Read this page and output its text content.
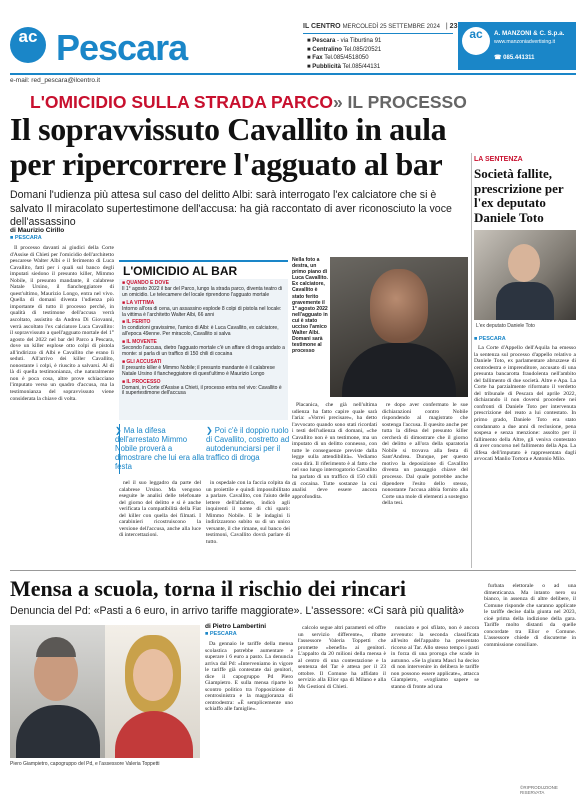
ac Pescara
IL CENTRO MERCOLEDÌ 25 SETTEMBRE 2024 | 23
■ Pescara - via Tiburtina 91
■ Centralino Tel.085/20521
■ Fax Tel.085/4518050
■ Pubblicità Tel.085/44131
ac	A. MANZONI & C. S.p.a.
www.manzoniadvertising.it
☎ 085.441311
e-mail: red_pescara@ilcentro.it
L'OMICIDIO SULLA STRADA PARCO» IL PROCESSO
Il sopravvissuto Cavallito in aula per ripercorrere l'agguato al bar
Domani l'udienza più attesa sul caso del delitto Albi: sarà interrogato l'ex calciatore che si è salvato Il miracolato supertestimone dell'accusa: ha già raccontato di aver riconosciuto la voce dell'assassino
LA SENTENZA
Società fallite, prescrizione per l'ex deputato Daniele Toto
L'ex deputato Daniele Toto
■ PESCARA

La Corte d'Appello dell'Aquila ha emesso la sentenza sul processo d'appello relativo a Daniele Toto, ex parlamentare abruzzese di centrodestra e imprenditore, accusato di una presunta bancarotta fraudolenta nell'ambito del fallimento di due società. Altre e Apa. La Corte ha parzialmente riformato il verdetto del tribunale di Pescara del aprile 2022, dichiarando il non doversi procedere nei confronti di Daniele Toto per intervenuta prescrizione del reato a lui contestato. In primo grado, Daniele Toto era stato condannato a due anni di reclusione, pena sospesa e senza menzione: assolto per il fallimento della Altre, gli veniva contestato di aver concorso nel fallimento della Apa. La difesa dell'imputato è rappresentata dagli avvocati Manlio Tortora e Antonio Milo.

di Maurizio Cirillo
■ PESCARA

Il processo davanti ai giudici della Corte d'Assise di Chieti per l'omicidio dell'architetto pescarese Walter Albi e il ferimento di Luca Cavallito, fatti per i quali sul banco degli imputati siedono il presunto killer, Mimmo Nobile, il presunto mandante, il calabrese Natale Ursino, il fiancheggiatore di quest'ultimo, Maurizio Longo, entra nel vivo. Quella di domani diventa l'udienza più importante di tutto il processo perché, in qualità di testimone dell'accusa verrà ascoltato, assistito da Andrea Di Giovanni, verrà ascoltato l'ex calciatore Luca Cavallito: il sopravvissuto a quell'agguato mortale del 1° agosto del 2022 nel bar del Parco a Pescara, dove un killer esplose otto colpi di pistola all'indirizzo di Albi e Cavallito che erano lì seduti. All'arrivo dei killer Cavallito, nonostante i colpi, è riuscito a salvarsi. Al di là di quella testimonianza, che naturalmente non è poca cosa, altre prove schiacciano l'imputato verso un quadro d'accusa, ma la testimonianza del sopravvissuto viene considerata la chiave di volta.

L'OMICIDIO AL BAR
■ QUANDO E DOVE
Il 1° agosto 2022 il bar del Parco, lungo la strada parco, diventa teatro di un omicidio. Le telecamere del locale riprendono l'agguato mortale
■ LA VITTIMA
Intorno all'ora di cena, un assassino esplode 8 colpi di pistola nel locale: la vittima è l'architetto Walter Albi, 66 anni
■ IL FERITO
In condizioni gravissime, l'amico di Albi: è Luca Cavallito, ex calciatore, all'epoca 49enne. Per miracolo, Cavallito si salva
■ IL MOVENTE
Secondo l'accusa, dietro l'agguato mortale c'è un affare di droga andato a monte: si parla di un traffico di 150 chili di cocaina
■ GLI ACCUSATI
Il presunto killer è Mimmo Nobile; il presunto mandante è il calabrese Natale Ursino il fiancheggiatore di quest'ultimo è Maurizio Longo
■ IL PROCESSO
Domani, in Corte d'Assise a Chieti, il processo entra nel vivo: Cavallito è il supertestimone dell'accusa
❯ Ma la difesa dell'arrestato Mimmo Nobile proverà a dimostrare che lui era alla festa
❯ Poi c'è il doppio ruolo di Cavallito, costretto ad autodenunciarsi per il traffico di droga

nel il suo leggadro da parte del calabrese Ursino. Ma vengono eseguite le analisi delle telefonate del giorno del delitto e si è anche verificata la compatibilità della Fiat del killer con quella dei filmati. I carabinieri ricostruiscono la versione dell'accusa, anche alla luce di intercettazioni.

in ospedale con la faccia colpita da un proiettile e quindi impossibilitato a parlare. Cavallito, con l'aiuto delle lettere dell'alfabeto, indicò agli inquirenti il nome di chi sparò: Mimmo Nobile. E le indagini li indirizzarono subito su di un unico versante, il che rimane, sul banco dei testimoni, Cavallito dovrà parlare di tutto.

Nella foto a destra, un primo piano di Luca Cavallito. Ex calciatore, Cavallito è stato ferito gravemente il 1° agosto 2022 nell'agguato in cui è stato ucciso l'amico Walter Albi. Domani sarà testimone al processo

Placanica, che già nell'ultima udienza ha fatto capire quale sarà l'aria: «Vorrei precisare», ha detto l'avvocato quando sono stati ricordati i testi dell'udienza di domani, «che Cavallito non è un testimone, ma un imputato di un delitto connesso, con tutte le conseguenze previste dalla legge sulla attendibilità». Vediamo cosa dirà. Il riferimento è al fatto che nel suo lungo interrogatorio Cavallito ha parlato di un traffico di 150 chili di cocaina. Tutte sostanze la cui analisi deve essere ancora approfondita.

re dopo aver confermato le sue dichiarazioni contro Nobile rispondendo al magistrato che sostenga l'accusa. Il quesito anche per tutta la difesa del presunto killer cercherà di dimostrare che il giorno del delitto e all'ora della sparatoria Nobile si trovava alla festa di Sant'Andrea. Dunque, per questo motivo la deposizione di Cavallito diventa un passaggio chiave del processo. Dal quale potrebbe anche dipendere l'esito dello stesso, nonostante l'accusa abbia fornito alla Corte una mole di elementi a sostegno della tesi.

Mensa a scuola, torna il rischio dei rincari
Denuncia del Pd: «Pasti a 6 euro, in arrivo tariffe maggiorate». L'assessore: «Ci sarà più qualità»
Piero Giampietro, capogruppo del Pd, e l'assessore Valeria Toppetti
di Pietro Lambertini
■ PESCARA

Da gennaio le tariffe della mensa scolastica potrebbe aumentare e superare i 6 euro a pasto. La denuncia arriva dal Pd: «Interveniamo in vigore le tariffe già contestate dai genitori, dice il capogruppo Pd Piero Giampietro. E sulla mensa riparte lo scontro politico tra l'opposizione di centrosinistra e la maggioranza di centrodestra: «È semplicemente uno schiaffo alle famiglie».

calcolo segue altri parametri ed offre un servizio differente», ribatte l'assessore Valeria Toppetti che promette «benefit» ai genitori. L'appalto da 20 milioni della mensa è al centro di una contestazione e la sentenza del Tar è attesa per il 23 ottobre. Il Comune ha affidato il servizio alla Elior spa di Milano e alla Ms Gestioni di Chieti.

nunciato e poi sfilato, non è ancora avvenuto: la seconda classificata all'esito dell'appalto ha presentato ricorso al Tar. Allo stesso tempo i pasti in forza di una proroga che scade in autunno. «Se la giunta Masci ha deciso di non intervenire in delibera le tariffe non possono essere applicate», attacca Giampietro, «vogliamo sapere se stanno di fronte ad una

furbata elettorale o ad una dimenticanza. Ma intanto nero su bianco, in assenza di altre delibere, il Comune risponde che saranno applicate le tariffe decise dalla giunta nel 2023, cioè prima della indizione della gara. Tariffe molto distanti da quelle concordate tra Elior e Comune. L'assessore chiede di discuterne in commissione consiliare.

©RIPRODUZIONE RISERVATA
